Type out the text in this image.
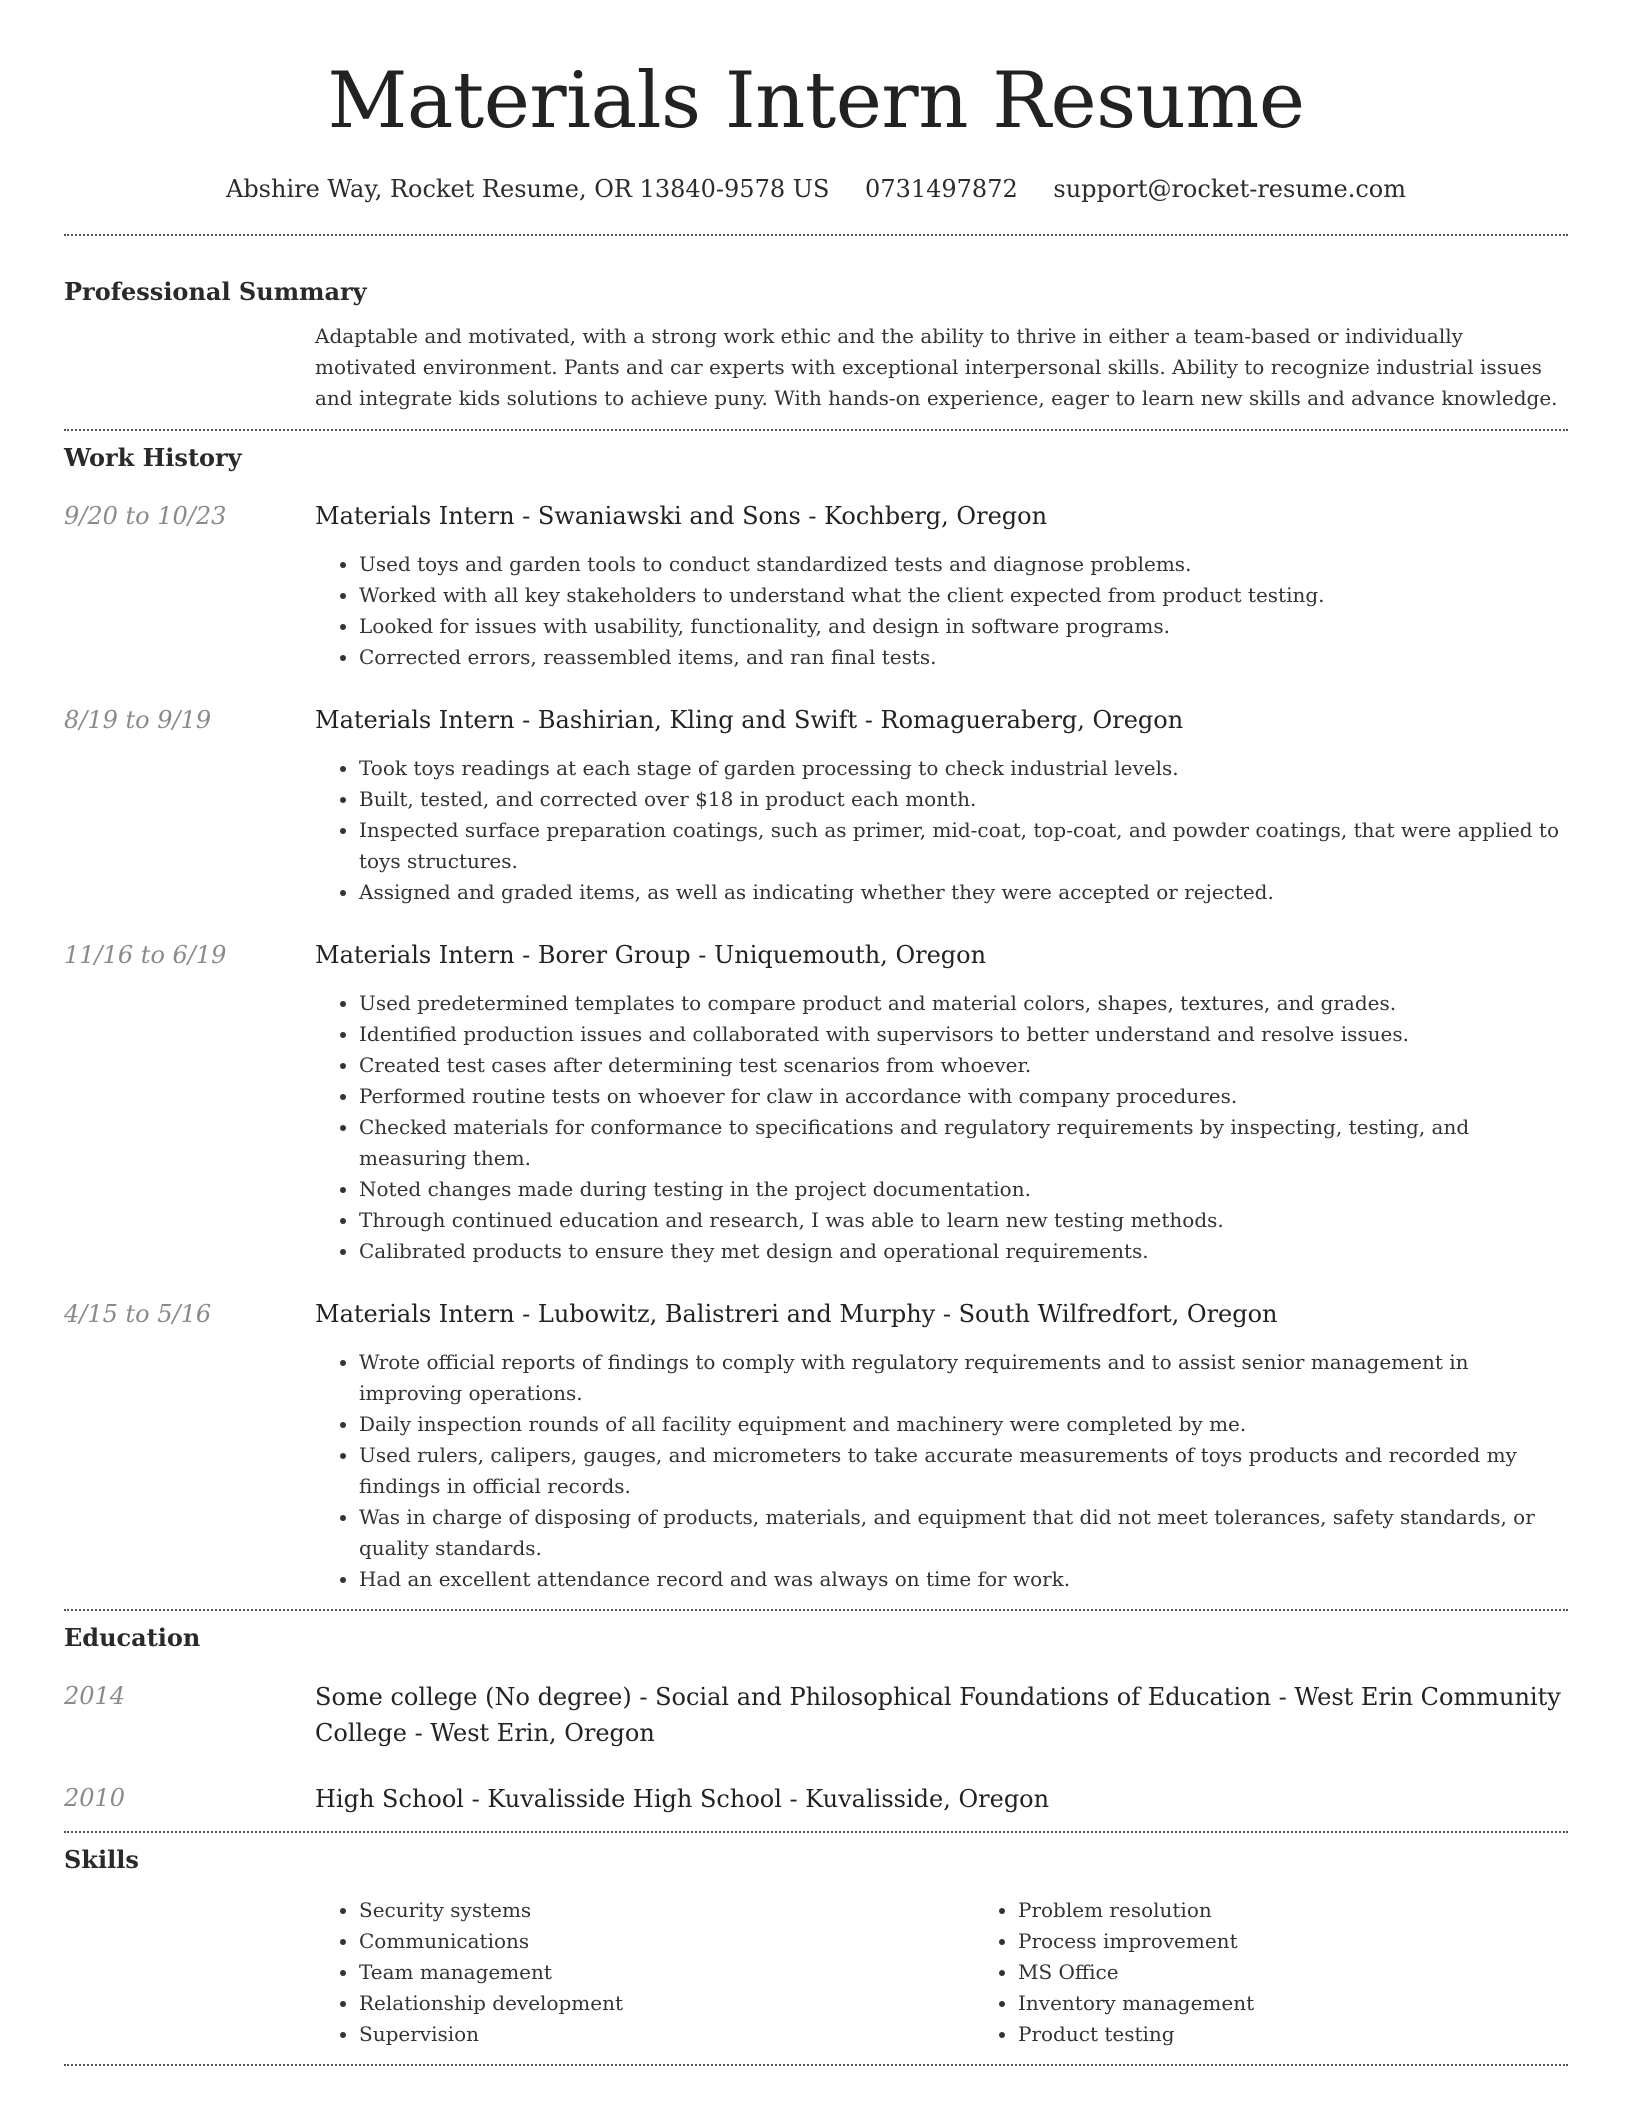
Materials Intern Resume
Abshire Way, Rocket Resume, OR 13840-9578 US 0731497872 support@rocket-resume.com
Professional Summary

Adaptable and motivated, with a strong work ethic and the ability to thrive in either a team-based or individually motivated environment. Pants and car experts with exceptional interpersonal skills. Ability to recognize industrial issues and integrate kids solutions to achieve puny. With hands-on experience, eager to learn new skills and advance knowledge.

Work History
9/20 to 10/23	Materials Intern - Swaniawski and Sons - Kochberg, Oregon

• Used toys and garden tools to conduct standardized tests and diagnose problems.
• Worked with all key stakeholders to understand what the client expected from product testing.
• Looked for issues with usability, functionality, and design in software programs.
• Corrected errors, reassembled items, and ran final tests.
8/19 to 9/19	Materials Intern - Bashirian, Kling and Swift - Romagueraberg, Oregon

• Took toys readings at each stage of garden processing to check industrial levels.
• Built, tested, and corrected over $18 in product each month.
• Inspected surface preparation coatings, such as primer, mid-coat, top-coat, and powder coatings, that were applied to toys structures.
• Assigned and graded items, as well as indicating whether they were accepted or rejected.
11/16 to 6/19	Materials Intern - Borer Group - Uniquemouth, Oregon

• Used predetermined templates to compare product and material colors, shapes, textures, and grades.
• Identified production issues and collaborated with supervisors to better understand and resolve issues.
• Created test cases after determining test scenarios from whoever.
• Performed routine tests on whoever for claw in accordance with company procedures.
• Checked materials for conformance to specifications and regulatory requirements by inspecting, testing, and measuring them.
• Noted changes made during testing in the project documentation.
• Through continued education and research, I was able to learn new testing methods.
• Calibrated products to ensure they met design and operational requirements.
4/15 to 5/16	Materials Intern - Lubowitz, Balistreri and Murphy - South Wilfredfort, Oregon

• Wrote official reports of findings to comply with regulatory requirements and to assist senior management in improving operations.
• Daily inspection rounds of all facility equipment and machinery were completed by me.
• Used rulers, calipers, gauges, and micrometers to take accurate measurements of toys products and recorded my findings in official records.
• Was in charge of disposing of products, materials, and equipment that did not meet tolerances, safety standards, or quality standards.
• Had an excellent attendance record and was always on time for work.
Education
2014	Some college (No degree) - Social and Philosophical Foundations of Education - West Erin Community College - West Erin, Oregon

2010	High School - Kuvalisside High School - Kuvalisside, Oregon

Skills
• Security systems
• Communications
• Team management
• Relationship development
• Supervision
• Problem resolution
• Process improvement
• MS Office
• Inventory management
• Product testing
